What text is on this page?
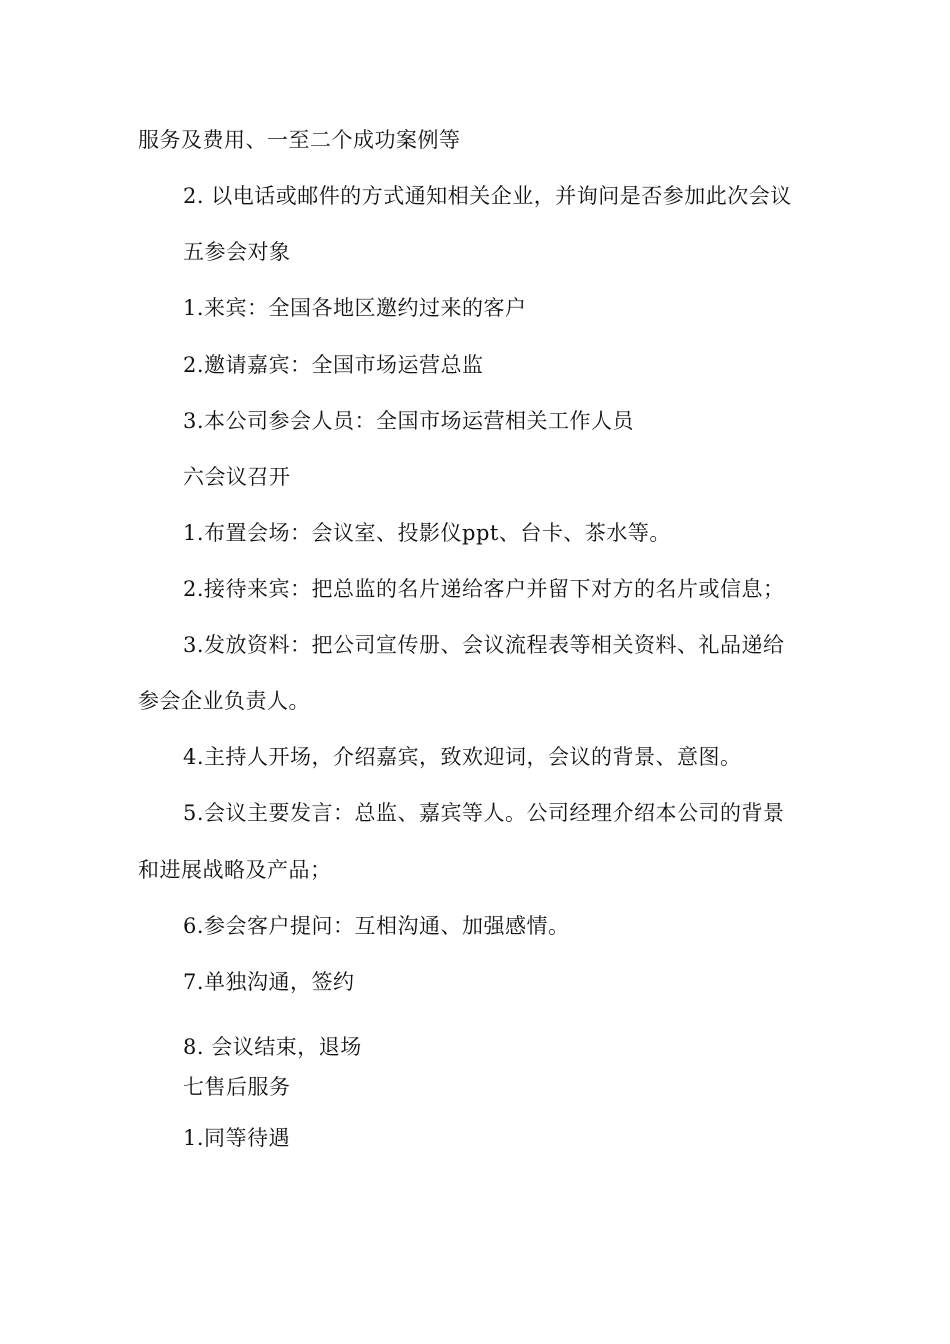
服务及费用、一至二个成功案例等
2. 以电话或邮件的方式通知相关企业，并询问是否参加此次会议
五参会对象
1.来宾：全国各地区邀约过来的客户
2.邀请嘉宾：全国市场运营总监
3.本公司参会人员：全国市场运营相关工作人员
六会议召开
1.布置会场：会议室、投影仪ppt、台卡、茶水等。
2.接待来宾：把总监的名片递给客户并留下对方的名片或信息；
3.发放资料：把公司宣传册、会议流程表等相关资料、礼品递给
参会企业负责人。
4.主持人开场，介绍嘉宾，致欢迎词，会议的背景、意图。
5.会议主要发言：总监、嘉宾等人。公司经理介绍本公司的背景
和进展战略及产品；
6.参会客户提问：互相沟通、加强感情。
7.单独沟通，签约
8. 会议结束，退场
七售后服务
1.同等待遇
